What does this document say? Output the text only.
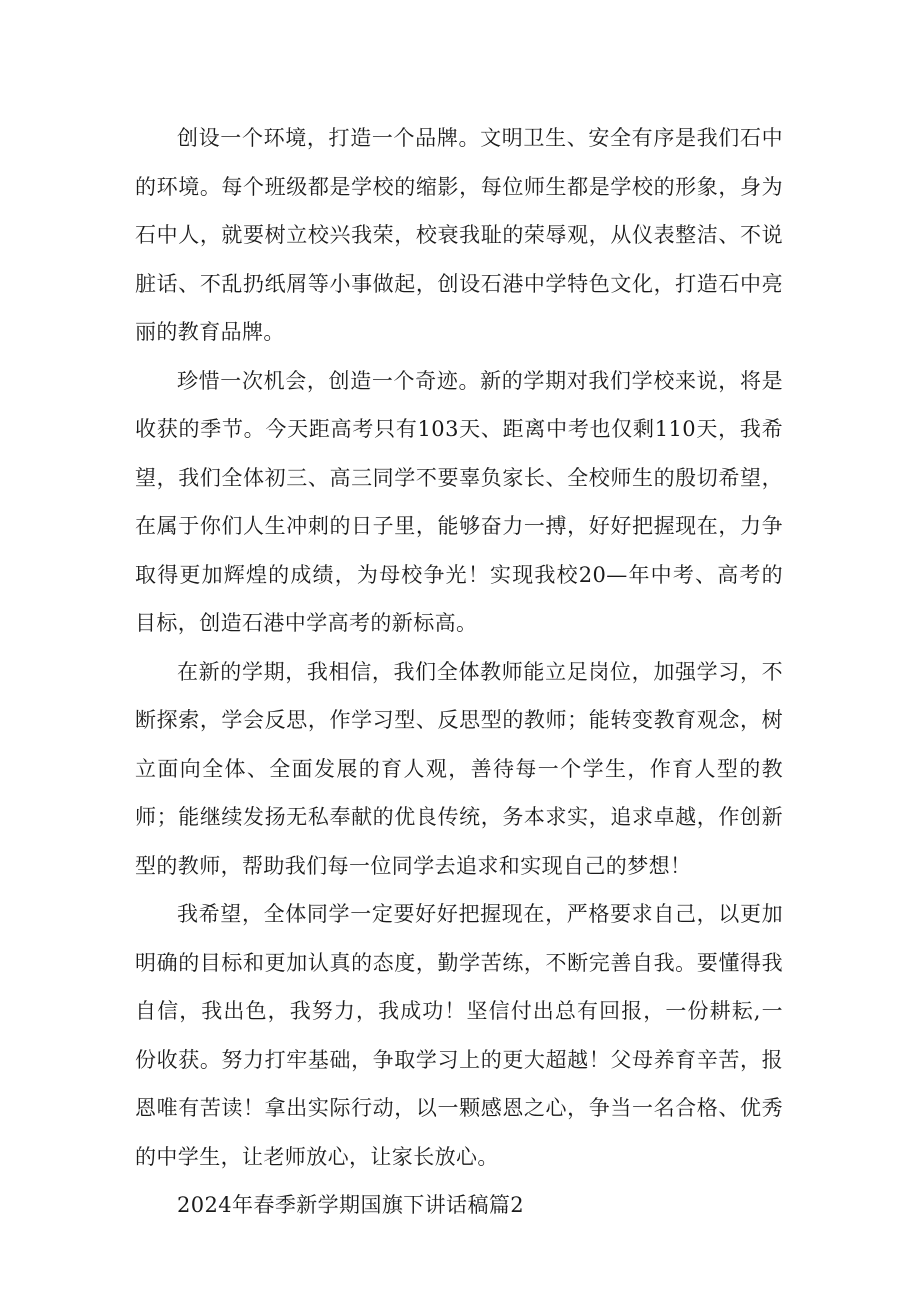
创设一个环境，打造一个品牌。文明卫生、安全有序是我们石中的环境。每个班级都是学校的缩影，每位师生都是学校的形象，身为石中人，就要树立校兴我荣，校衰我耻的荣辱观，从仪表整洁、不说脏话、不乱扔纸屑等小事做起，创设石港中学特色文化，打造石中亮丽的教育品牌。

珍惜一次机会，创造一个奇迹。新的学期对我们学校来说，将是收获的季节。今天距高考只有103天、距离中考也仅剩110天，我希望，我们全体初三、高三同学不要辜负家长、全校师生的殷切希望，在属于你们人生冲刺的日子里，能够奋力一搏，好好把握现在，力争取得更加辉煌的成绩，为母校争光！实现我校20—年中考、高考的目标，创造石港中学高考的新标高。

在新的学期，我相信，我们全体教师能立足岗位，加强学习，不断探索，学会反思，作学习型、反思型的教师；能转变教育观念，树立面向全体、全面发展的育人观，善待每一个学生，作育人型的教师；能继续发扬无私奉献的优良传统，务本求实，追求卓越，作创新型的教师，帮助我们每一位同学去追求和实现自己的梦想！

我希望，全体同学一定要好好把握现在，严格要求自己，以更加明确的目标和更加认真的态度，勤学苦练，不断完善自我。要懂得我自信，我出色，我努力，我成功！坚信付出总有回报，一份耕耘,一份收获。努力打牢基础，争取学习上的更大超越！父母养育辛苦，报恩唯有苦读！拿出实际行动，以一颗感恩之心，争当一名合格、优秀的中学生，让老师放心，让家长放心。

2024年春季新学期国旗下讲话稿篇2
